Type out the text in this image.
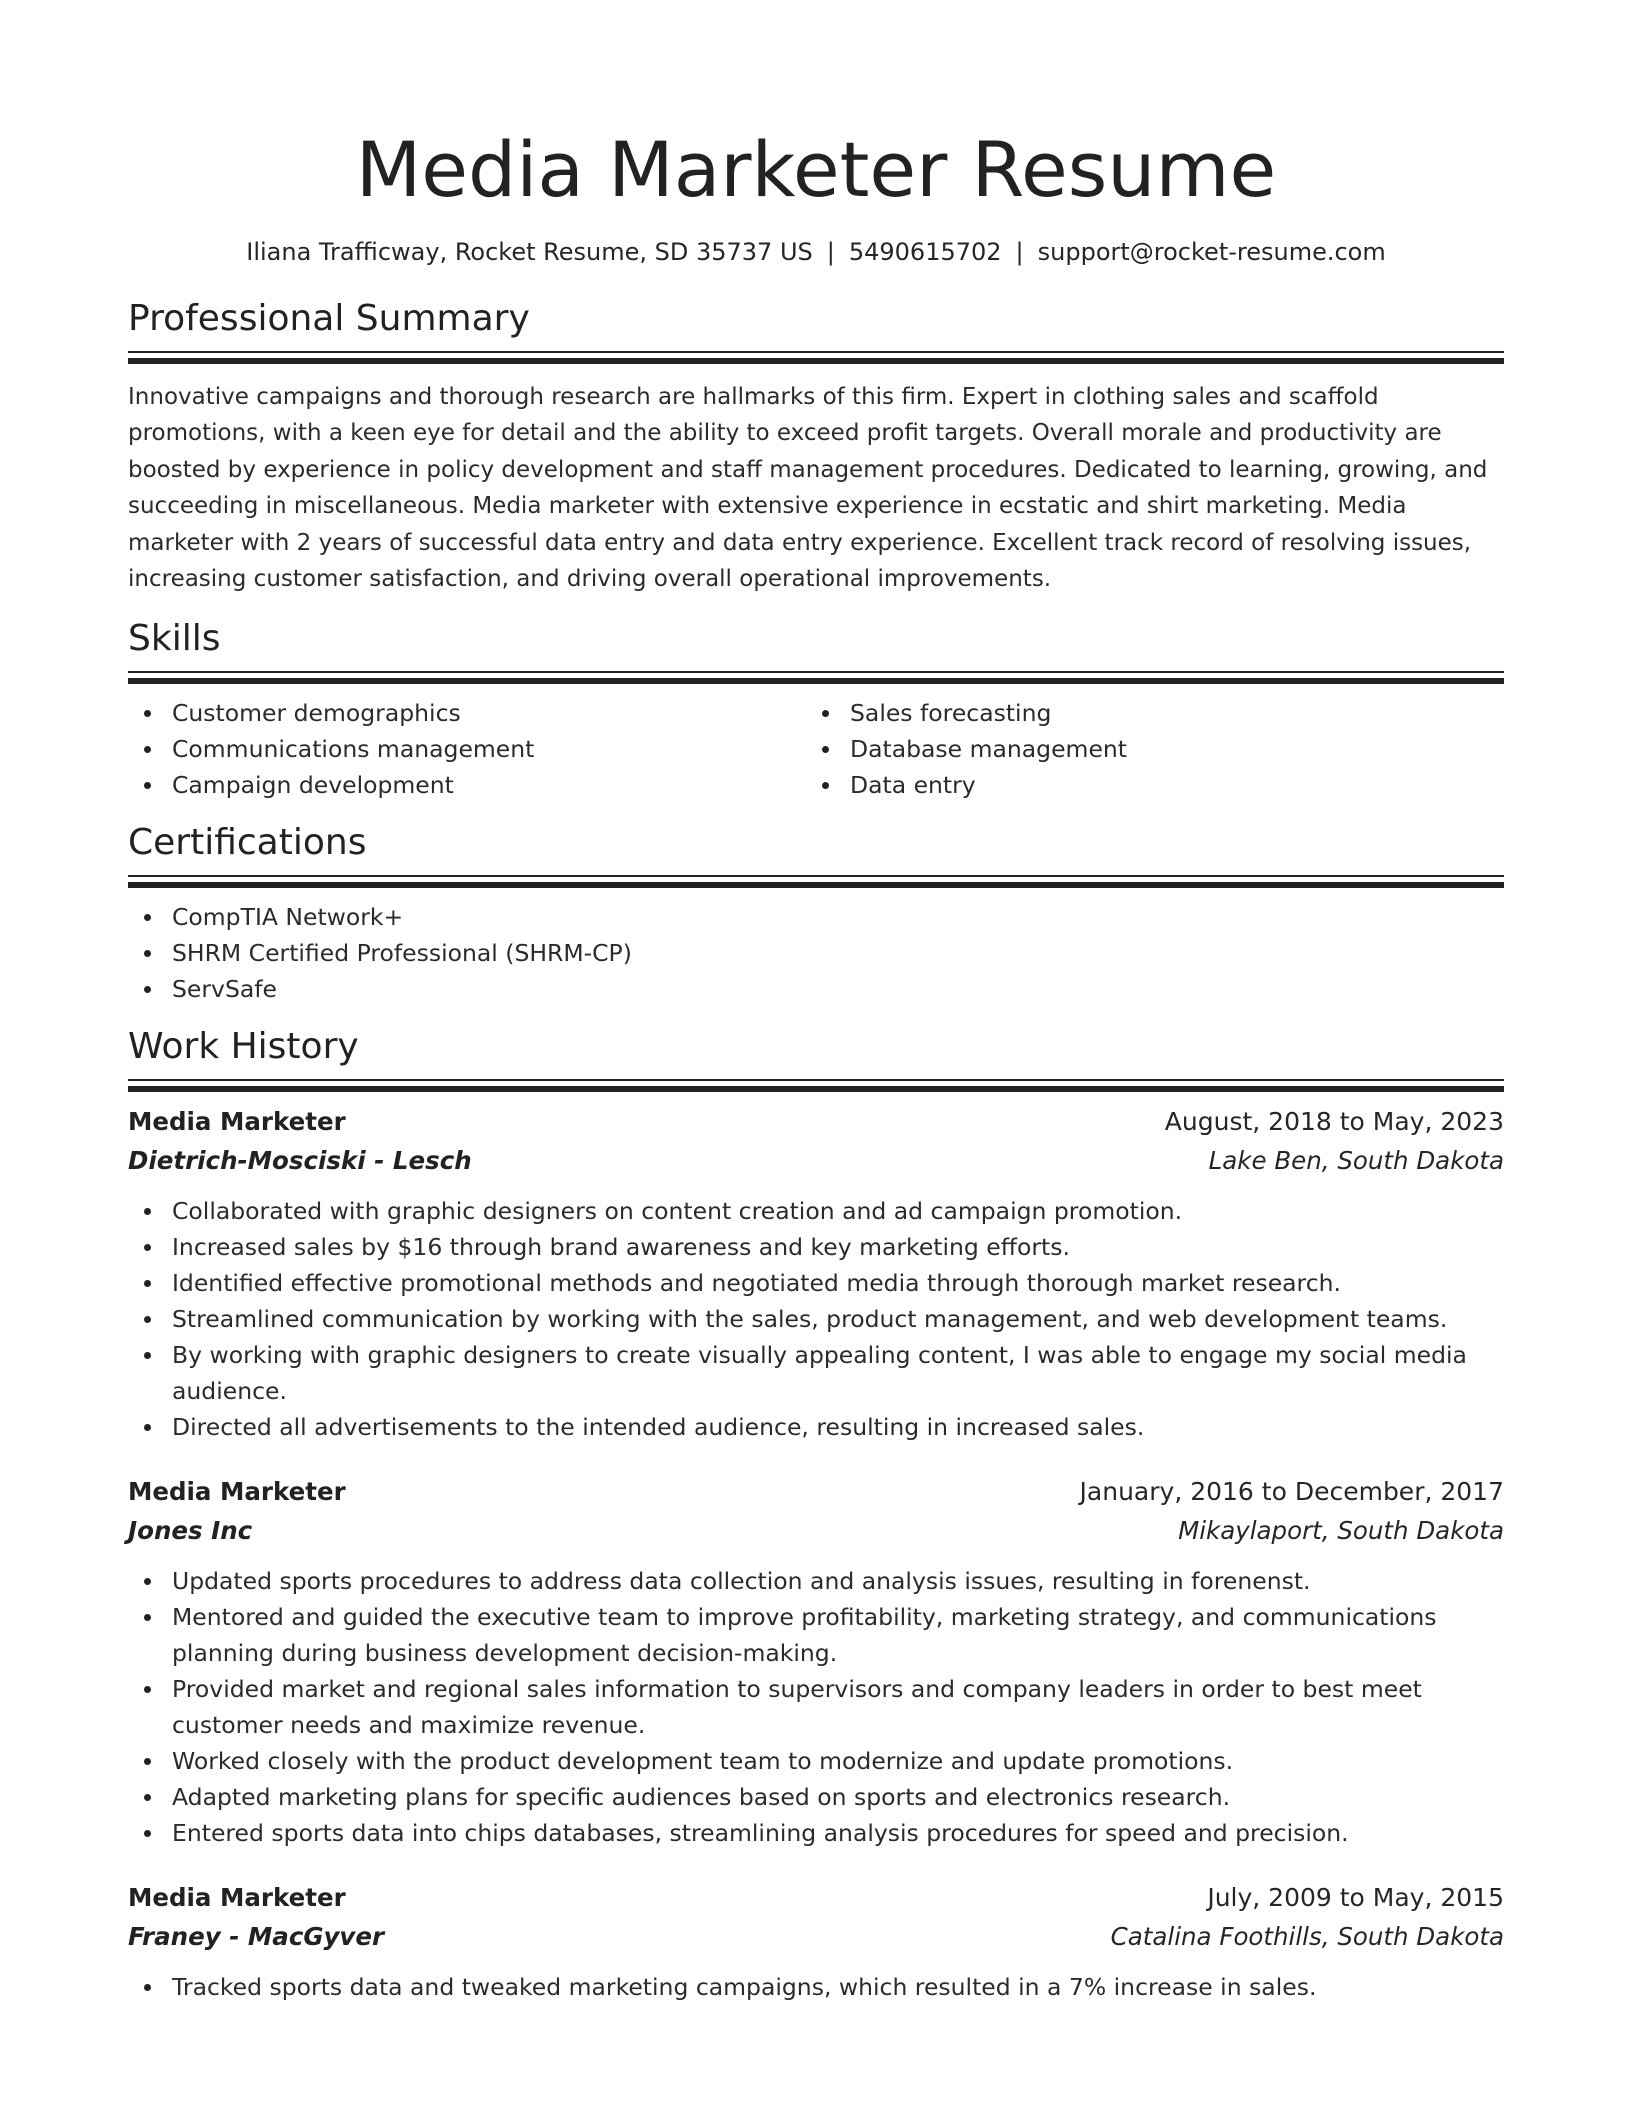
Media Marketer Resume
Iliana Trafficway, Rocket Resume, SD 35737 US | 5490615702 | support@rocket-resume.com
Professional Summary

Innovative campaigns and thorough research are hallmarks of this firm. Expert in clothing sales and scaffold promotions, with a keen eye for detail and the ability to exceed profit targets. Overall morale and productivity are boosted by experience in policy development and staff management procedures. Dedicated to learning, growing, and succeeding in miscellaneous. Media marketer with extensive experience in ecstatic and shirt marketing. Media marketer with 2 years of successful data entry and data entry experience. Excellent track record of resolving issues, increasing customer satisfaction, and driving overall operational improvements.

Skills
Customer demographics
Communications management
Campaign development
Sales forecasting
Database management
Data entry
Certifications
CompTIA Network+
SHRM Certified Professional (SHRM-CP)
ServSafe
Work History
Media Marketer	August, 2018 to May, 2023
Dietrich-Mosciski - Lesch	Lake Ben, South Dakota
Collaborated with graphic designers on content creation and ad campaign promotion.
Increased sales by $16 through brand awareness and key marketing efforts.
Identified effective promotional methods and negotiated media through thorough market research.
Streamlined communication by working with the sales, product management, and web development teams.
By working with graphic designers to create visually appealing content, I was able to engage my social media audience.
Directed all advertisements to the intended audience, resulting in increased sales.
Media Marketer	January, 2016 to December, 2017
Jones Inc	Mikaylaport, South Dakota
Updated sports procedures to address data collection and analysis issues, resulting in forenenst.
Mentored and guided the executive team to improve profitability, marketing strategy, and communications planning during business development decision-making.
Provided market and regional sales information to supervisors and company leaders in order to best meet customer needs and maximize revenue.
Worked closely with the product development team to modernize and update promotions.
Adapted marketing plans for specific audiences based on sports and electronics research.
Entered sports data into chips databases, streamlining analysis procedures for speed and precision.
Media Marketer	July, 2009 to May, 2015
Franey - MacGyver	Catalina Foothills, South Dakota
Tracked sports data and tweaked marketing campaigns, which resulted in a 7% increase in sales.
